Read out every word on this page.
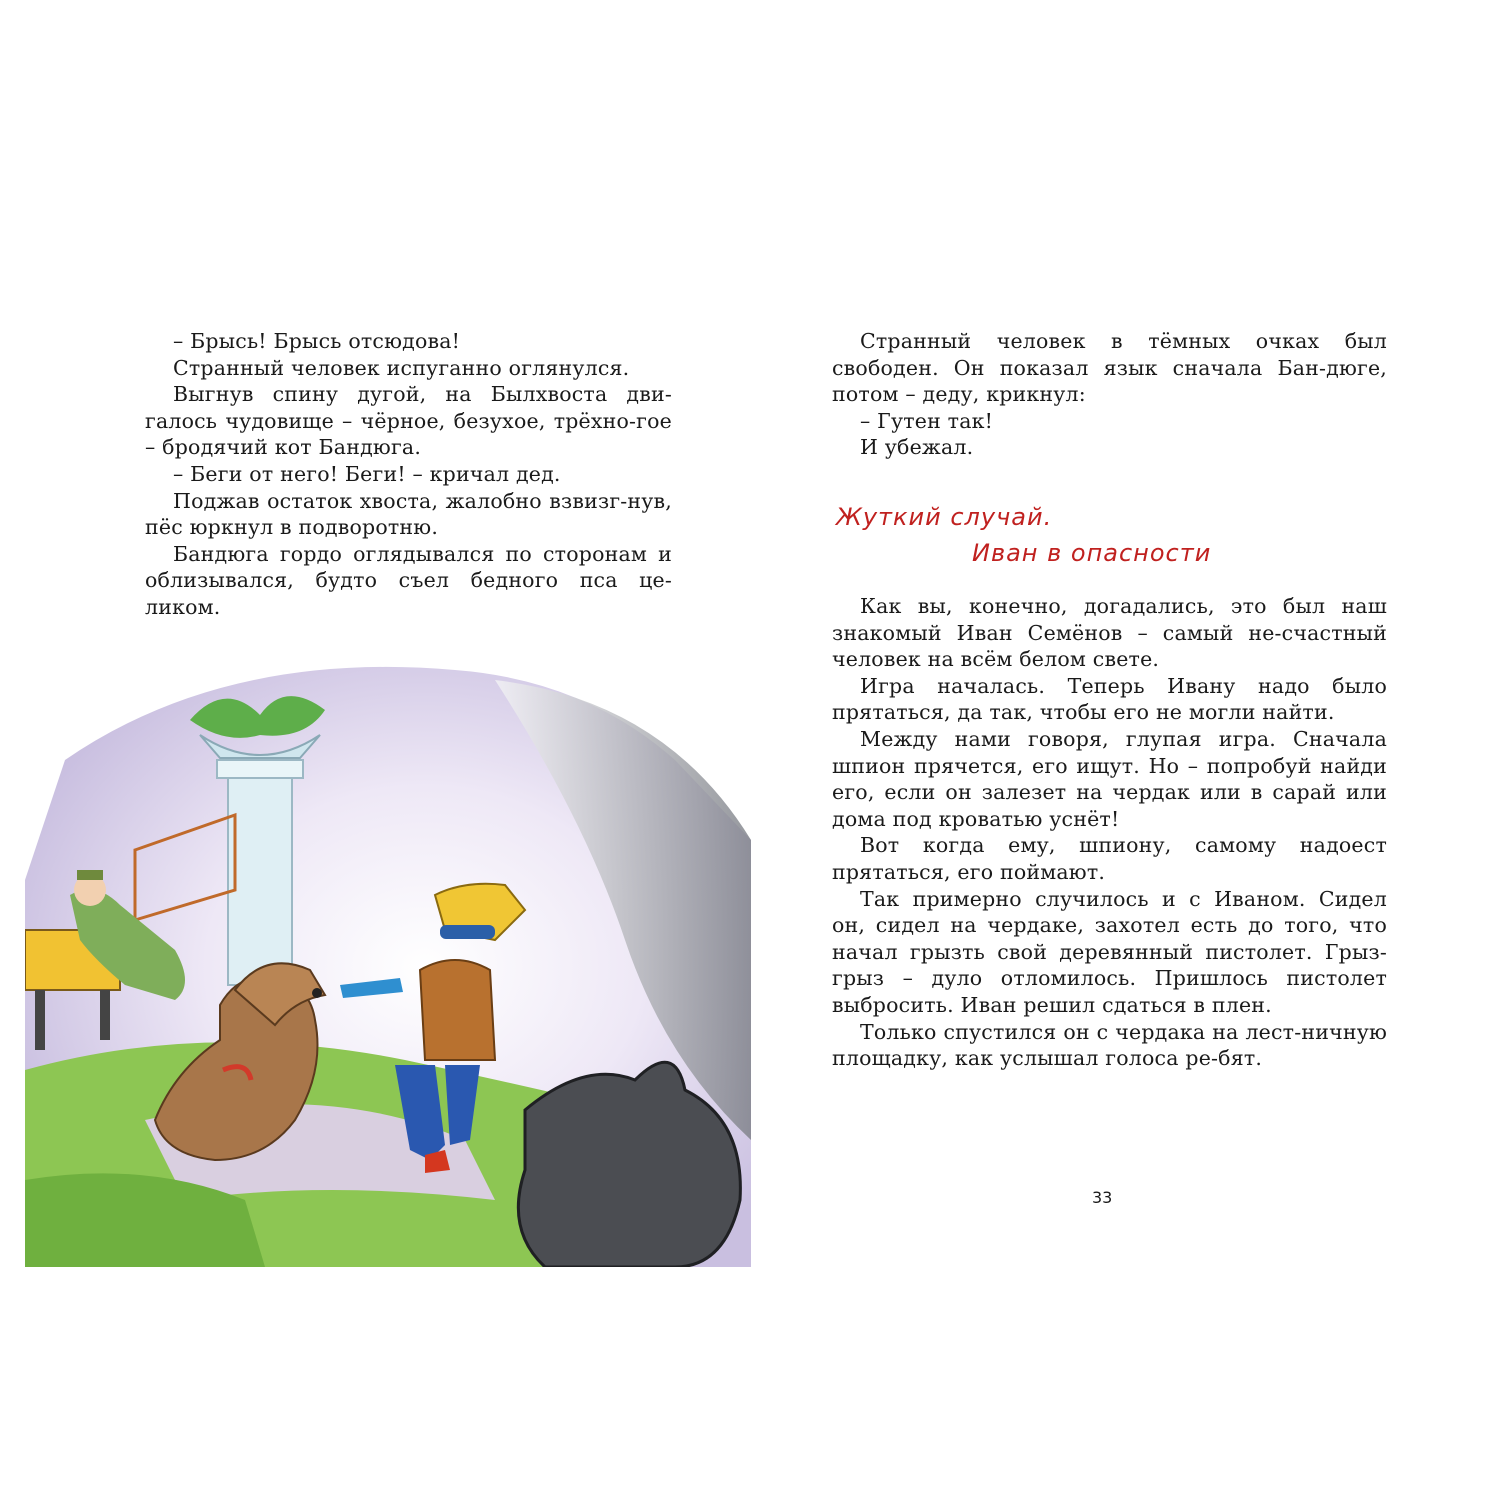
– Брысь! Брысь отсюдова!

Странный человек испуганно оглянулся.

Выгнув спину дугой, на Былхвоста дви-галось чудовище – чёрное, безухое, трёхно-гое – бродячий кот Бандюга.

– Беги от него! Беги! – кричал дед.

Поджав остаток хвоста, жалобно взвизг-нув, пёс юркнул в подворотню.

Бандюга гордо оглядывался по сторонам и облизывался, будто съел бедного пса це-ликом.

Странный человек в тёмных очках был свободен. Он показал язык сначала Бан-дюге, потом – деду, крикнул:

– Гутен так!

И убежал.

Жуткий случай.
Иван в опасности

Как вы, конечно, догадались, это был наш знакомый Иван Семёнов – самый не-счастный человек на всём белом свете.

Игра началась. Теперь Ивану надо было прятаться, да так, чтобы его не могли найти.

Между нами говоря, глупая игра. Сначала шпион прячется, его ищут. Но – попробуй найди его, если он залезет на чердак или в сарай или дома под кроватью уснёт!

Вот когда ему, шпиону, самому надоест прятаться, его поймают.

Так примерно случилось и с Иваном. Сидел он, сидел на чердаке, захотел есть до того, что начал грызть свой деревянный пистолет. Грыз-грыз – дуло отломилось. Пришлось пистолет выбросить. Иван решил сдаться в плен.

Только спустился он с чердака на лест-ничную площадку, как услышал голоса ре-бят.

33
